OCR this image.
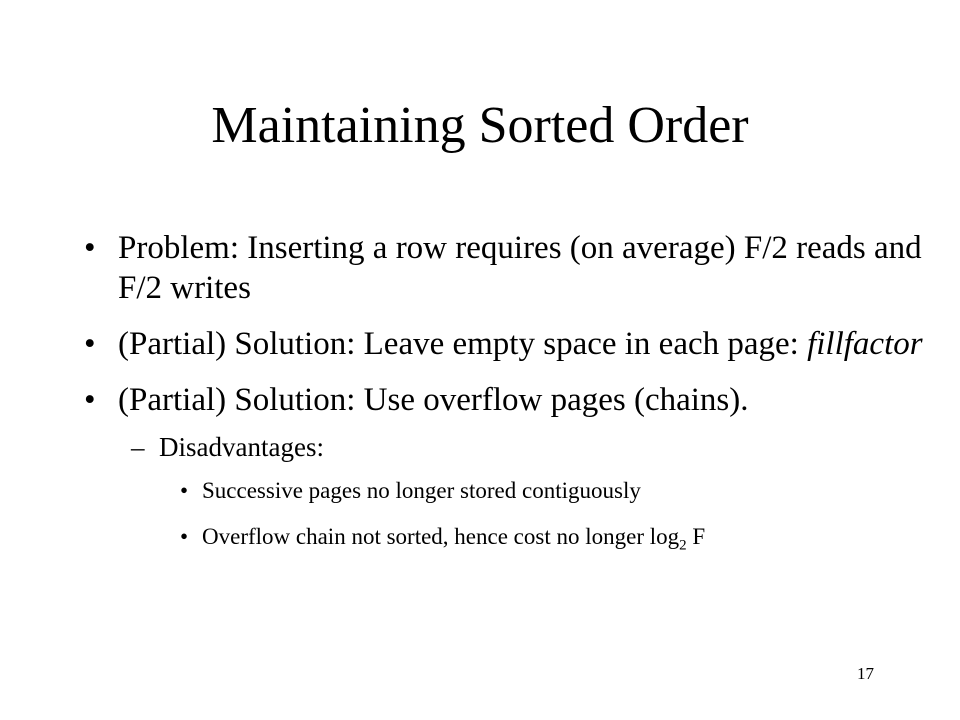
Maintaining Sorted Order
• Problem: Inserting a row requires (on average) F/2 reads and F/2 writes
• (Partial) Solution: Leave empty space in each page: fillfactor
• (Partial) Solution: Use overflow pages (chains).
– Disadvantages:
• Successive pages no longer stored contiguously
• Overflow chain not sorted, hence cost no longer $\log_2 F$
17
